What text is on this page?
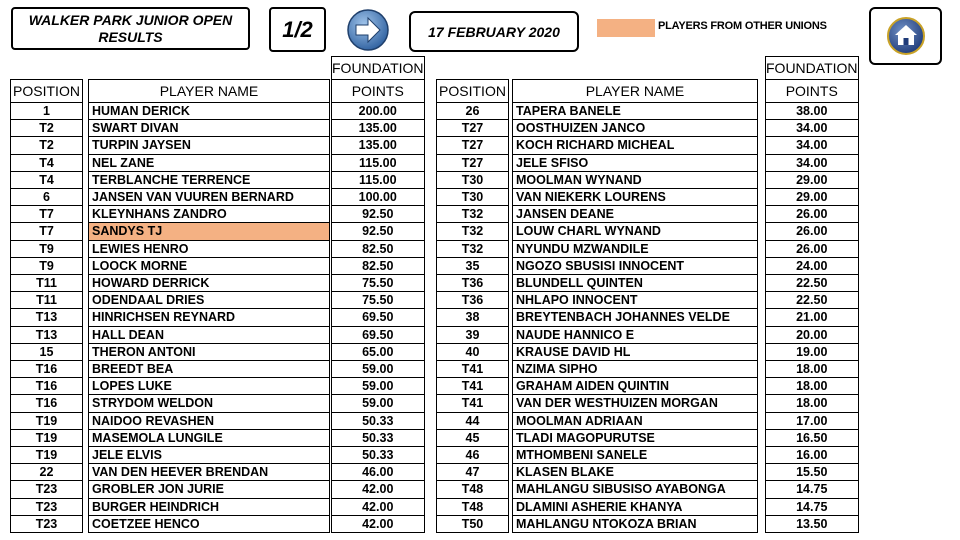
WALKER PARK JUNIOR OPEN
RESULTS	1/2	17 FEBRUARY 2020	PLAYERS FROM OTHER UNIONS
				FOUNDATION
POSITION		PLAYER NAME		POINTS
1		HUMAN DERICK		200.00
T2		SWART DIVAN		135.00
T2		TURPIN JAYSEN		135.00
T4		NEL ZANE		115.00
T4		TERBLANCHE TERRENCE		115.00
6		JANSEN VAN VUUREN BERNARD		100.00
T7		KLEYNHANS ZANDRO		92.50
T7		SANDYS TJ		92.50
T9		LEWIES HENRO		82.50
T9		LOOCK MORNE		82.50
T11		HOWARD DERRICK		75.50
T11		ODENDAAL DRIES		75.50
T13		HINRICHSEN REYNARD		69.50
T13		HALL DEAN		69.50
15		THERON ANTONI		65.00
T16		BREEDT BEA		59.00
T16		LOPES LUKE		59.00
T16		STRYDOM WELDON		59.00
T19		NAIDOO REVASHEN		50.33
T19		MASEMOLA LUNGILE		50.33
T19		JELE ELVIS		50.33
22		VAN DEN HEEVER BRENDAN		46.00
T23		GROBLER JON JURIE		42.00
T23		BURGER HEINDRICH		42.00
T23		COETZEE HENCO		42.00
				FOUNDATION
POSITION		PLAYER NAME		POINTS
26		TAPERA BANELE		38.00
T27		OOSTHUIZEN JANCO		34.00
T27		KOCH RICHARD MICHEAL		34.00
T27		JELE SFISO		34.00
T30		MOOLMAN WYNAND		29.00
T30		VAN NIEKERK LOURENS		29.00
T32		JANSEN DEANE		26.00
T32		LOUW CHARL WYNAND		26.00
T32		NYUNDU MZWANDILE		26.00
35		NGOZO SBUSISI INNOCENT		24.00
T36		BLUNDELL QUINTEN		22.50
T36		NHLAPO INNOCENT		22.50
38		BREYTENBACH JOHANNES VELDE		21.00
39		NAUDE HANNICO E		20.00
40		KRAUSE DAVID HL		19.00
T41		NZIMA SIPHO		18.00
T41		GRAHAM AIDEN QUINTIN		18.00
T41		VAN DER WESTHUIZEN MORGAN		18.00
44		MOOLMAN ADRIAAN		17.00
45		TLADI MAGOPURUTSE		16.50
46		MTHOMBENI SANELE		16.00
47		KLASEN BLAKE		15.50
T48		MAHLANGU SIBUSISO AYABONGA		14.75
T48		DLAMINI ASHERIE KHANYA		14.75
T50		MAHLANGU NTOKOZA BRIAN		13.50
